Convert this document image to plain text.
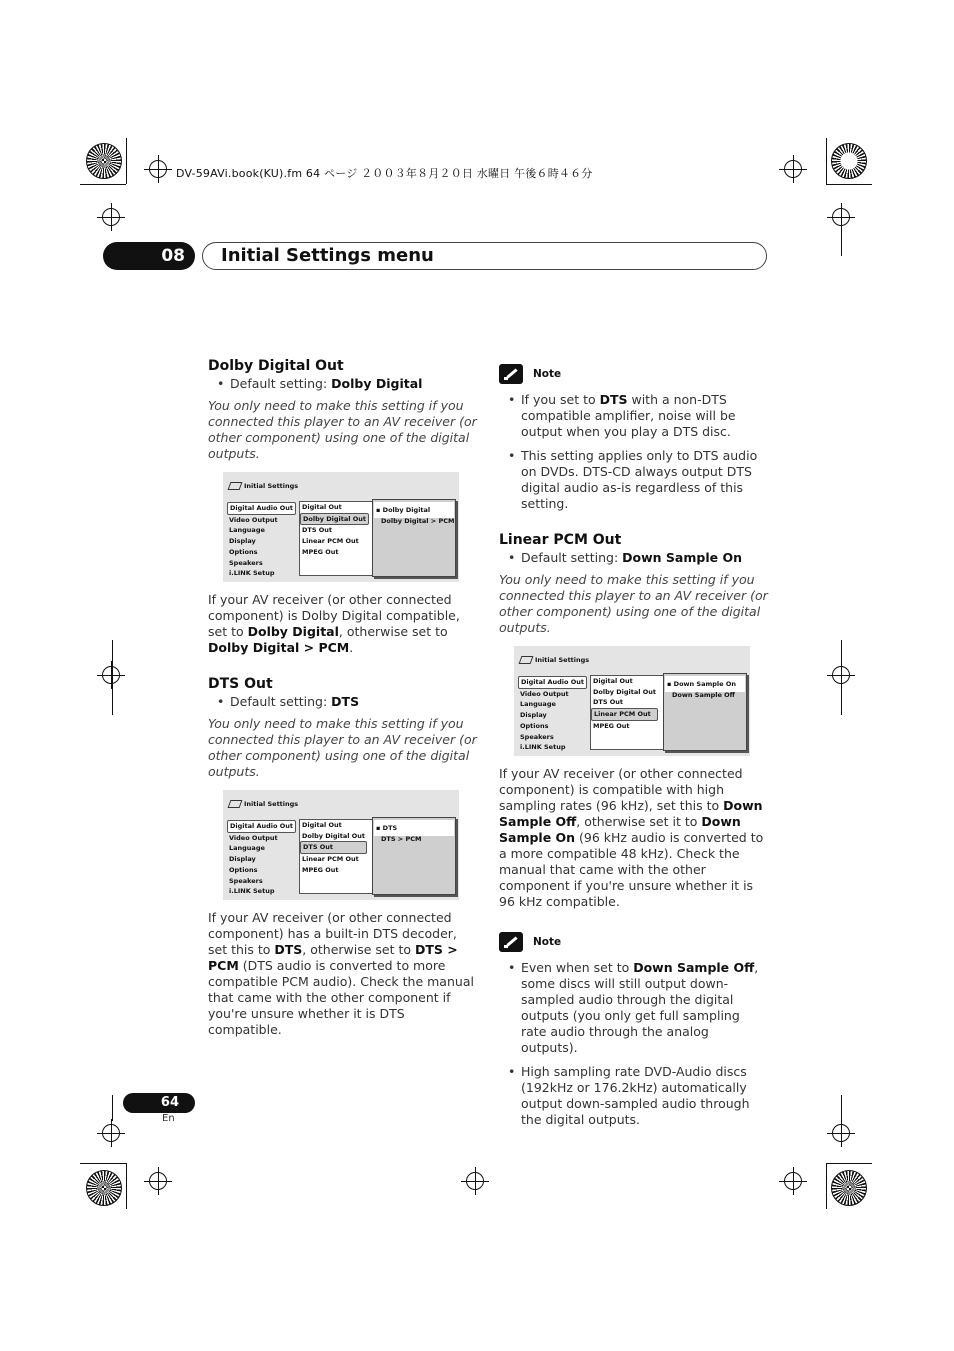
DV-59AVi.book(KU).fm 64 ページ ２００３年８月２０日 水曜日 午後６時４６分
08	Initial Settings menu
Dolby Digital Out

• Default setting: Dolby Digital

You only need to make this setting if you connected this player to an AV receiver (or other component) using one of the digital outputs.

Initial Settings
Digital Audio Out
Video Output
Language
Display
Options
Speakers
i.LINK Setup
Digital Out
Dolby Digital Out
DTS Out
Linear PCM Out
MPEG Out
▪ Dolby Digital
Dolby Digital > PCM

If your AV receiver (or other connected component) is Dolby Digital compatible, set to Dolby Digital, otherwise set to Dolby Digital > PCM.

DTS Out

• Default setting: DTS

You only need to make this setting if you connected this player to an AV receiver (or other component) using one of the digital outputs.

Initial Settings
Digital Audio Out
Video Output
Language
Display
Options
Speakers
i.LINK Setup
Digital Out
Dolby Digital Out
DTS Out
Linear PCM Out
MPEG Out
▪ DTS
DTS > PCM

If your AV receiver (or other connected component) has a built-in DTS decoder, set this to DTS, otherwise set to DTS > PCM (DTS audio is converted to more compatible PCM audio). Check the manual that came with the other component if you're unsure whether it is DTS compatible.

Note

• If you set to DTS with a non-DTS compatible amplifier, noise will be output when you play a DTS disc.

• This setting applies only to DTS audio on DVDs. DTS-CD always output DTS digital audio as-is regardless of this setting.

Linear PCM Out

• Default setting: Down Sample On

You only need to make this setting if you connected this player to an AV receiver (or other component) using one of the digital outputs.

Initial Settings
Digital Audio Out
Video Output
Language
Display
Options
Speakers
i.LINK Setup
Digital Out
Dolby Digital Out
DTS Out
Linear PCM Out
MPEG Out
▪ Down Sample On
Down Sample Off

If your AV receiver (or other connected component) is compatible with high sampling rates (96 kHz), set this to Down Sample Off, otherwise set it to Down Sample On (96 kHz audio is converted to a more compatible 48 kHz). Check the manual that came with the other component if you're unsure whether it is 96 kHz compatible.

Note

• Even when set to Down Sample Off, some discs will still output down-sampled audio through the digital outputs (you only get full sampling rate audio through the analog outputs).

• High sampling rate DVD-Audio discs (192kHz or 176.2kHz) automatically output down-sampled audio through the digital outputs.

64
En
